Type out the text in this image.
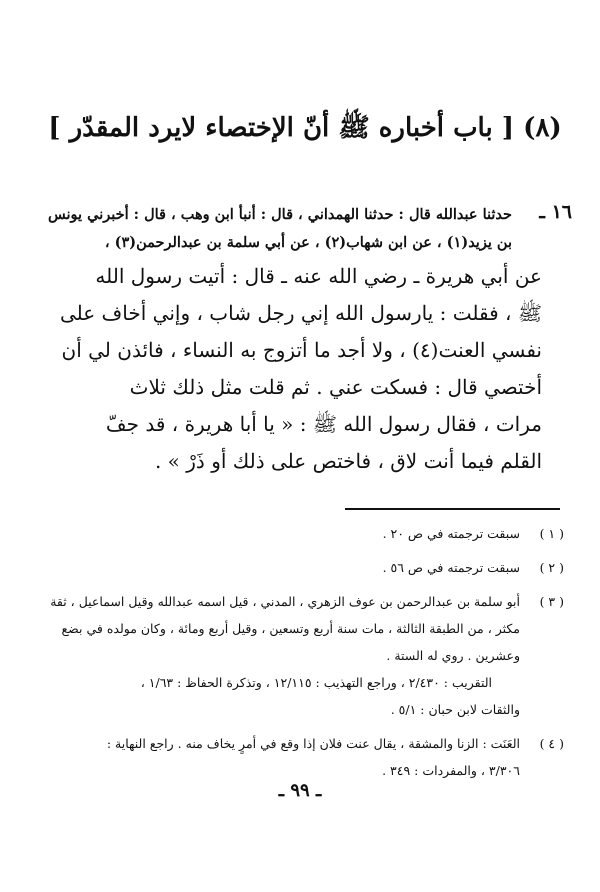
(٨) [ باب أخباره ﷺ أنّ الإختصاء لايرد المقدّر ]
١٦ ـ
حدثنا عبدالله قال : حدثنا الهمداني ، قال : أنبأ ابن وهب ، قال : أخبرني يونس
بن يزيد(١) ، عن ابن شهاب(٢) ، عن أبي سلمة بن عبدالرحمن(٣) ،
عن أبي هريرة ـ رضي الله عنه ـ قال : أتيت رسول الله
ﷺ ، فقلت : يارسول الله إني رجل شاب ، وإني أخاف على
نفسي العنت(٤) ، ولا أجد ما أتزوج به النساء ، فائذن لي أن
أختصي قال : فسكت عني . ثم قلت مثل ذلك ثلاث
مرات ، فقال رسول الله ﷺ : « يا أبا هريرة ، قد جفّ
القلم فيما أنت لاق ، فاختص على ذلك أو ذَرْ » .
( ١ )
سبقت ترجمته في ص ٢٠ .
( ٢ )
سبقت ترجمته في ص ٥٦ .
( ٣ )
أبو سلمة بن عبدالرحمن بن عوف الزهري ، المدني ، قيل اسمه عبدالله وقيل اسماعيل ، ثقة
مكثر ، من الطبقة الثالثة ، مات سنة أربع وتسعين ، وقيل أربع ومائة ، وكان مولده في بضع
وعشرين . روي له الستة .
التقريب : ٢/٤٣٠ ، وراجع التهذيب : ١٢/١١٥ ، وتذكرة الحفاظ : ١/٦٣ ،
والثقات لابن حبان : ٥/١ .
( ٤ )
العَنَت : الزنا والمشقة ، يقال عنت فلان إذا وقع في أمرٍ يخاف منه . راجع النهاية :
٣/٣٠٦ ، والمفردات : ٣٤٩ .
ـ ٩٩ ـ
